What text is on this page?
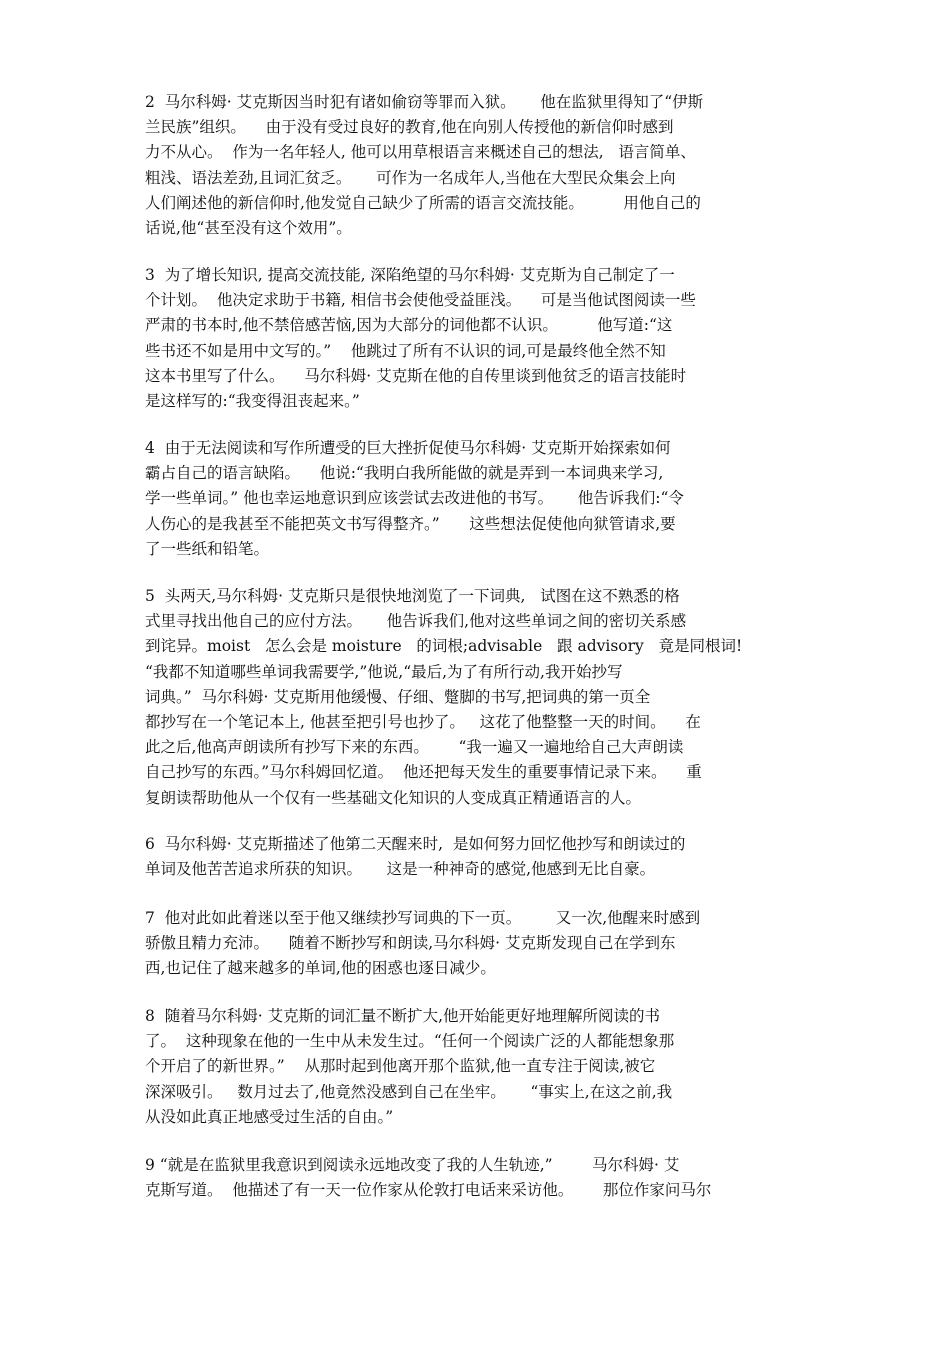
2  马尔科姆· 艾克斯因当时犯有诸如偷窃等罪而入狱。     他在监狱里得知了“伊斯
兰民族”组织。    由于没有受过良好的教育,他在向别人传授他的新信仰时感到
力不从心。  作为一名年轻人, 他可以用草根语言来概述自己的想法,   语言简单、
粗浅、语法差劲,且词汇贫乏。     可作为一名成年人,当他在大型民众集会上向
人们阐述他的新信仰时,他发觉自己缺少了所需的语言交流技能。        用他自己的
话说,他“甚至没有这个效用”。
3  为了增长知识, 提高交流技能, 深陷绝望的马尔科姆· 艾克斯为自己制定了一
个计划。  他决定求助于书籍, 相信书会使他受益匪浅。    可是当他试图阅读一些
严肃的书本时,他不禁倍感苦恼,因为大部分的词他都不认识。        他写道:“这
些书还不如是用中文写的。”    他跳过了所有不认识的词,可是最终他全然不知
这本书里写了什么。    马尔科姆· 艾克斯在他的自传里谈到他贫乏的语言技能时
是这样写的:“我变得沮丧起来。”
4  由于无法阅读和写作所遭受的巨大挫折促使马尔科姆· 艾克斯开始探索如何
霸占自己的语言缺陷。    他说:“我明白我所能做的就是弄到一本词典来学习,
学一些单词。” 他也幸运地意识到应该尝试去改进他的书写。     他告诉我们:“令
人伤心的是我甚至不能把英文书写得整齐。”      这些想法促使他向狱管请求,要
了一些纸和铅笔。
5  头两天,马尔科姆· 艾克斯只是很快地浏览了一下词典,   试图在这不熟悉的格
式里寻找出他自己的应付方法。     他告诉我们,他对这些单词之间的密切关系感
到诧异。moist   怎么会是 moisture   的词根;advisable   跟 advisory   竟是同根词!
“我都不知道哪些单词我需要学,”他说,“最后,为了有所行动,我开始抄写
词典。”  马尔科姆· 艾克斯用他缓慢、仔细、蹩脚的书写,把词典的第一页全
都抄写在一个笔记本上, 他甚至把引号也抄了。   这花了他整整一天的时间。    在
此之后,他高声朗读所有抄写下来的东西。      “我一遍又一遍地给自己大声朗读
自己抄写的东西。”马尔科姆回忆道。  他还把每天发生的重要事情记录下来。    重
复朗读帮助他从一个仅有一些基础文化知识的人变成真正精通语言的人。
6  马尔科姆· 艾克斯描述了他第二天醒来时,  是如何努力回忆他抄写和朗读过的
单词及他苦苦追求所获的知识。     这是一种神奇的感觉,他感到无比自豪。
7  他对此如此着迷以至于他又继续抄写词典的下一页。       又一次,他醒来时感到
骄傲且精力充沛。    随着不断抄写和朗读,马尔科姆· 艾克斯发现自己在学到东
西,也记住了越来越多的单词,他的困惑也逐日减少。
8  随着马尔科姆· 艾克斯的词汇量不断扩大,他开始能更好地理解所阅读的书
了。  这种现象在他的一生中从未发生过。“任何一个阅读广泛的人都能想象那
个开启了的新世界。”    从那时起到他离开那个监狱,他一直专注于阅读,被它
深深吸引。   数月过去了,他竟然没感到自己在坐牢。     “事实上,在这之前,我
从没如此真正地感受过生活的自由。”
9 “就是在监狱里我意识到阅读永远地改变了我的人生轨迹,”        马尔科姆· 艾
克斯写道。  他描述了有一天一位作家从伦敦打电话来采访他。      那位作家问马尔
